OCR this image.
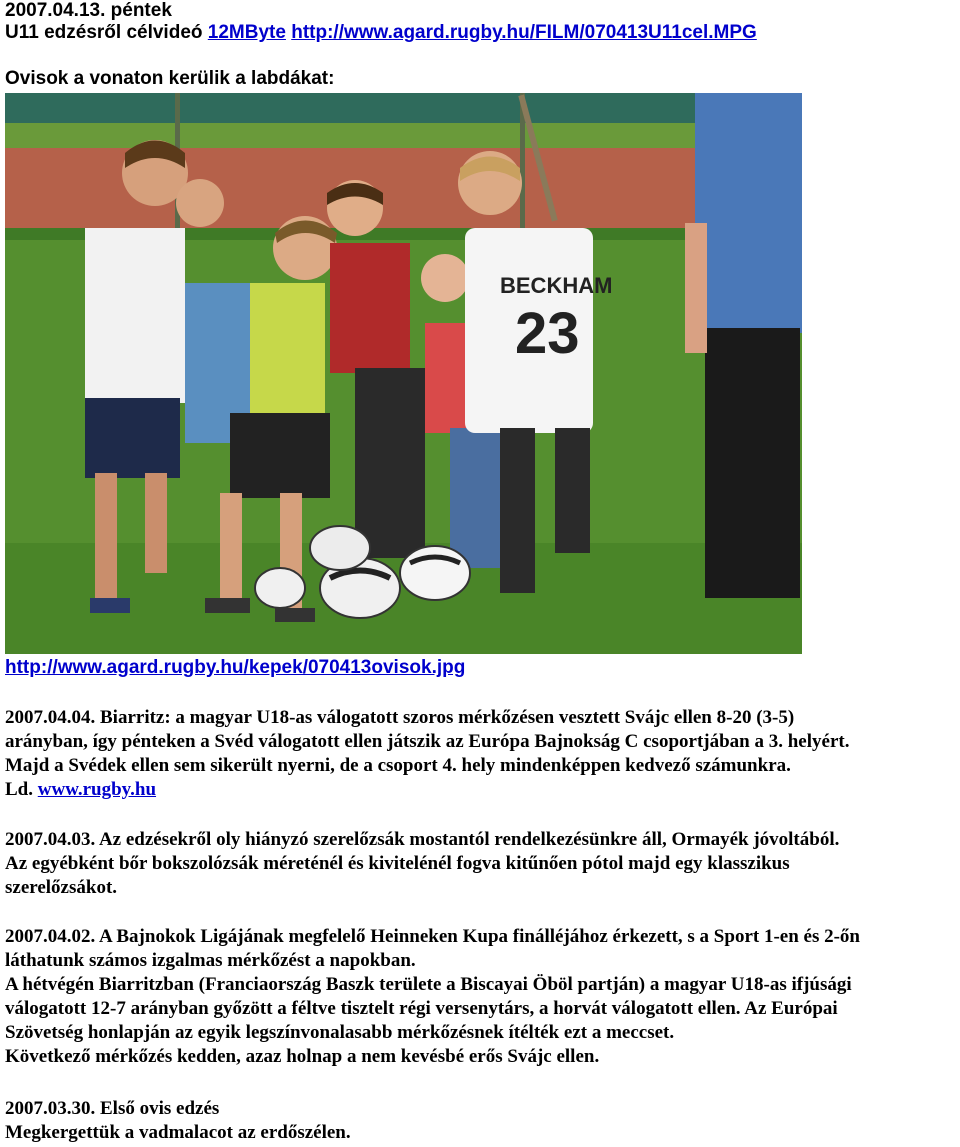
2007.04.13. péntek
U11 edzésről célvideó 12MByte http://www.agard.rugby.hu/FILM/070413U11cel.MPG
Ovisok a vonaton kerülik a labdákat:
BECKHAM
23
http://www.agard.rugby.hu/kepek/070413ovisok.jpg
2007.04.04. Biarritz: a magyar U18-as válogatott szoros mérkőzésen vesztett Svájc ellen 8-20 (3-5)
arányban, így pénteken a Svéd válogatott ellen játszik az Európa Bajnokság C csoportjában a 3. helyért.
Majd a Svédek ellen sem sikerült nyerni, de a csoport 4. hely mindenképpen kedvező számunkra.
Ld. www.rugby.hu
2007.04.03. Az edzésekről oly hiányzó szerelőzsák mostantól rendelkezésünkre áll, Ormayék jóvoltából.
Az egyébként bőr bokszolózsák méreténél és kivitelénél fogva kitűnően pótol majd egy klasszikus
szerelőzsákot.
2007.04.02. A Bajnokok Ligájának megfelelő Heinneken Kupa finálléjához érkezett, s a Sport 1-en és 2-őn
láthatunk számos izgalmas mérkőzést a napokban.
A hétvégén Biarritzban (Franciaország Baszk területe a Biscayai Öböl partján) a magyar U18-as ifjúsági
válogatott 12-7 arányban győzött a féltve tisztelt régi versenytárs, a horvát válogatott ellen. Az Európai
Szövetség honlapján az egyik legszínvonalasabb mérkőzésnek ítélték ezt a meccset.
Következő mérkőzés kedden, azaz holnap a nem kevésbé erős Svájc ellen.
2007.03.30. Első ovis edzés
Megkergettük a vadmalacot az erdőszélen.
